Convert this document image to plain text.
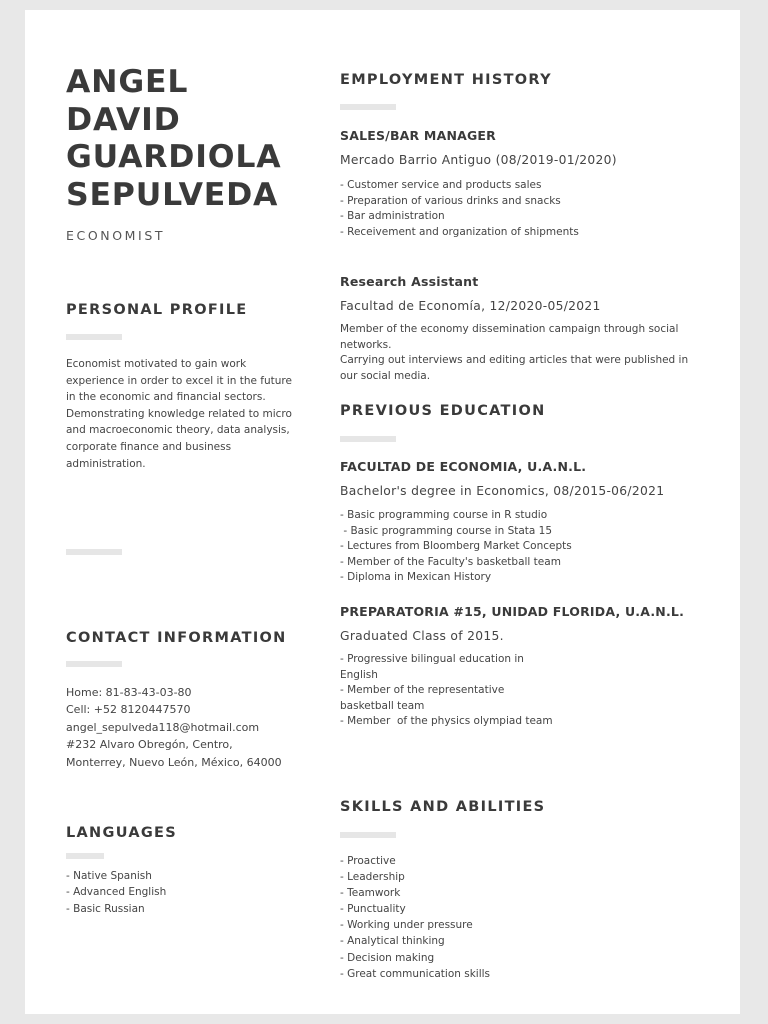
ANGEL
DAVID
GUARDIOLA
SEPULVEDA
ECONOMIST
PERSONAL PROFILE

Economist motivated to gain work experience in order to excel it in the future in the economic and financial sectors. Demonstrating knowledge related to micro and macroeconomic theory, data analysis, corporate finance and business administration.

CONTACT INFORMATION
Home: 81-83-43-03-80
Cell: +52 8120447570
angel_sepulveda118@hotmail.com
#232 Alvaro Obregón, Centro,
Monterrey, Nuevo León, México, 64000
LANGUAGES
- Native Spanish
- Advanced English
- Basic Russian
EMPLOYMENT HISTORY
SALES/BAR MANAGER

Mercado Barrio Antiguo (08/2019-01/2020)

- Customer service and products sales
- Preparation of various drinks and snacks
- Bar administration
- Receivement and organization of shipments
Research Assistant

Facultad de Economía, 12/2020-05/2021

Member of the economy dissemination campaign through social
networks.
Carrying out interviews and editing articles that were published in
our social media.
PREVIOUS EDUCATION
FACULTAD DE ECONOMIA, U.A.N.L.

Bachelor's degree in Economics, 08/2015-06/2021

- Basic programming course in R studio
- Basic programming course in Stata 15
- Lectures from Bloomberg Market Concepts
- Member of the Faculty's basketball team
- Diploma in Mexican History
PREPARATORIA #15, UNIDAD FLORIDA, U.A.N.L.

Graduated Class of 2015.

- Progressive bilingual education in
English
- Member of the representative
basketball team
- Member  of the physics olympiad team
SKILLS AND ABILITIES
- Proactive
- Leadership
- Teamwork
- Punctuality
- Working under pressure
- Analytical thinking
- Decision making
- Great communication skills
